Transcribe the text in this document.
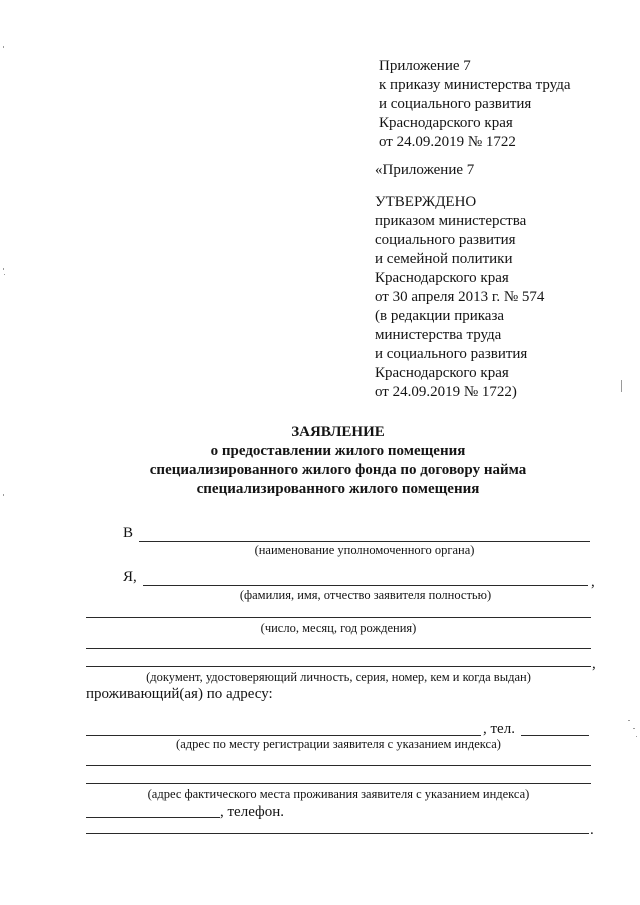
Приложение 7
к приказу министерства труда
и социального развития
Краснодарского края
от 24.09.2019 № 1722
«Приложение 7
УТВЕРЖДЕНО
приказом министерства
социального развития
и семейной политики
Краснодарского края
от 30 апреля 2013 г. № 574
(в редакции приказа
министерства труда
и социального развития
Краснодарского края
от 24.09.2019 № 1722)
ЗАЯВЛЕНИЕ
о предоставлении жилого помещения
специализированного жилого фонда по договору найма
специализированного жилого помещения
В
(наименование уполномоченного органа)
Я,	,
(фамилия, имя, отчество заявителя полностью)
(число, месяц, год рождения)
,
(документ, удостоверяющий личность, серия, номер, кем и когда выдан)
проживающий(ая) по адресу:
, тел.
(адрес по месту регистрации заявителя с указанием индекса)
(адрес фактического места проживания заявителя с указанием индекса)
, телефон.
.
